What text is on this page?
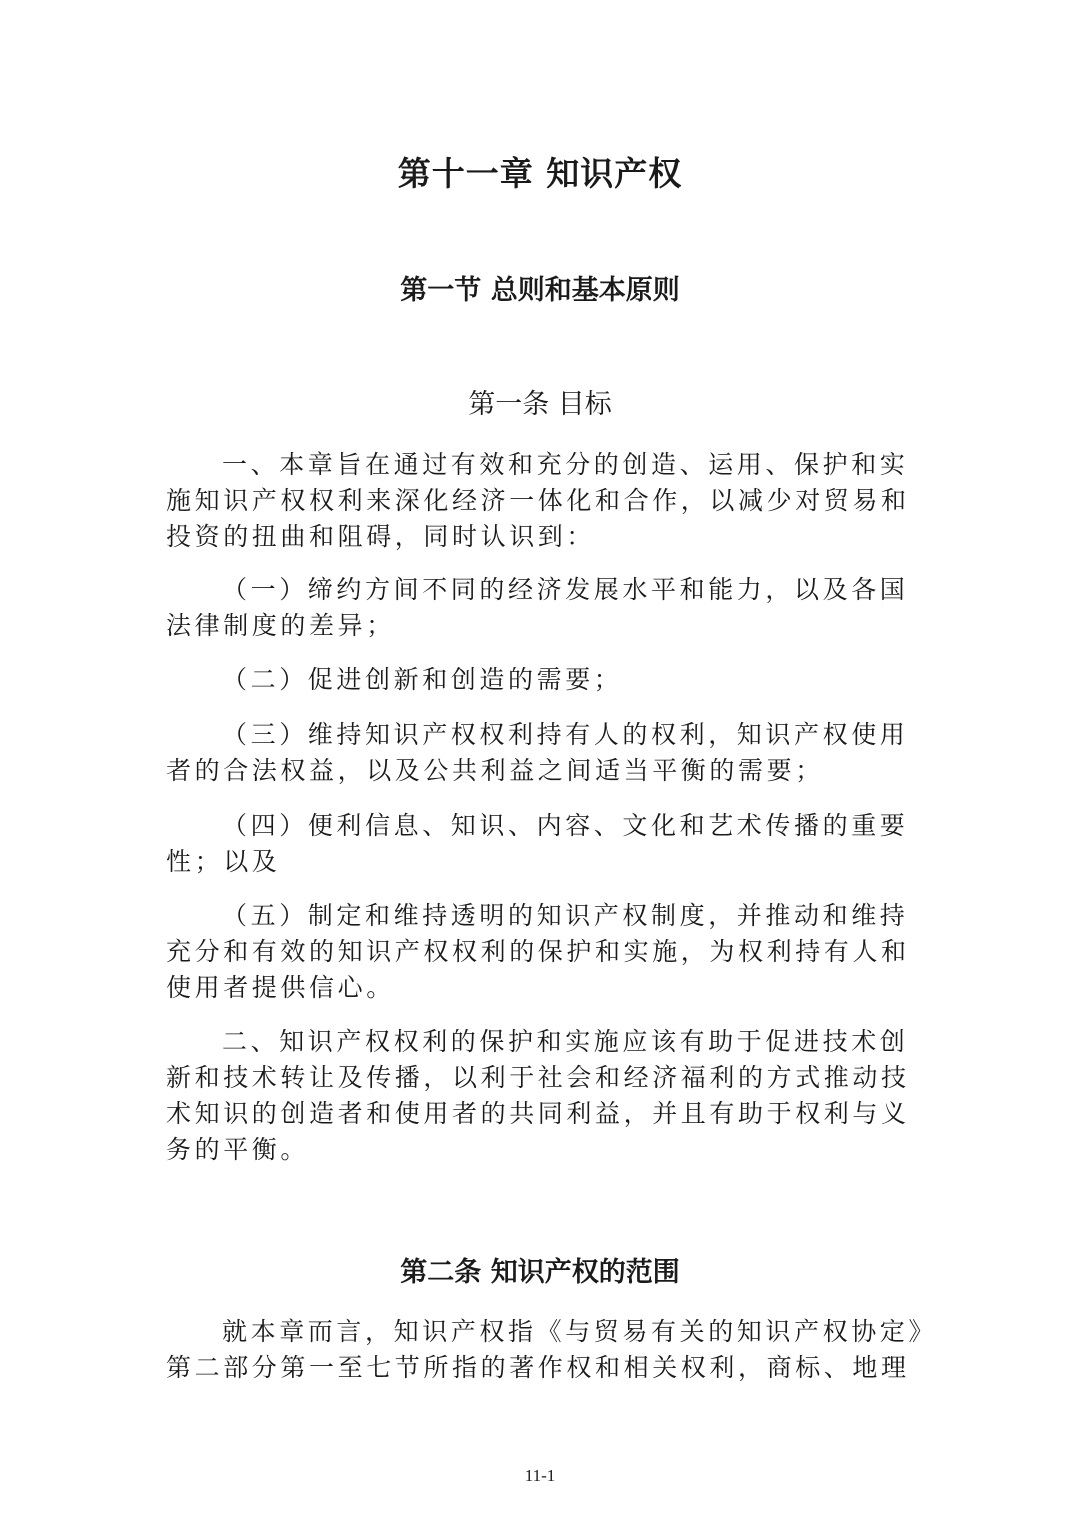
第十一章 知识产权
第一节 总则和基本原则
第一条 目标
一、本章旨在通过有效和充分的创造、运用、保护和实
施知识产权权利来深化经济一体化和合作，以减少对贸易和
投资的扭曲和阻碍，同时认识到：
（一）缔约方间不同的经济发展水平和能力，以及各国
法律制度的差异；
（二）促进创新和创造的需要；
（三）维持知识产权权利持有人的权利，知识产权使用
者的合法权益，以及公共利益之间适当平衡的需要；
（四）便利信息、知识、内容、文化和艺术传播的重要
性；以及
（五）制定和维持透明的知识产权制度，并推动和维持
充分和有效的知识产权权利的保护和实施，为权利持有人和
使用者提供信心。
二、知识产权权利的保护和实施应该有助于促进技术创
新和技术转让及传播，以利于社会和经济福利的方式推动技
术知识的创造者和使用者的共同利益，并且有助于权利与义
务的平衡。
第二条 知识产权的范围
就本章而言，知识产权指《与贸易有关的知识产权协定》
第二部分第一至七节所指的著作权和相关权利，商标、地理
11-1
